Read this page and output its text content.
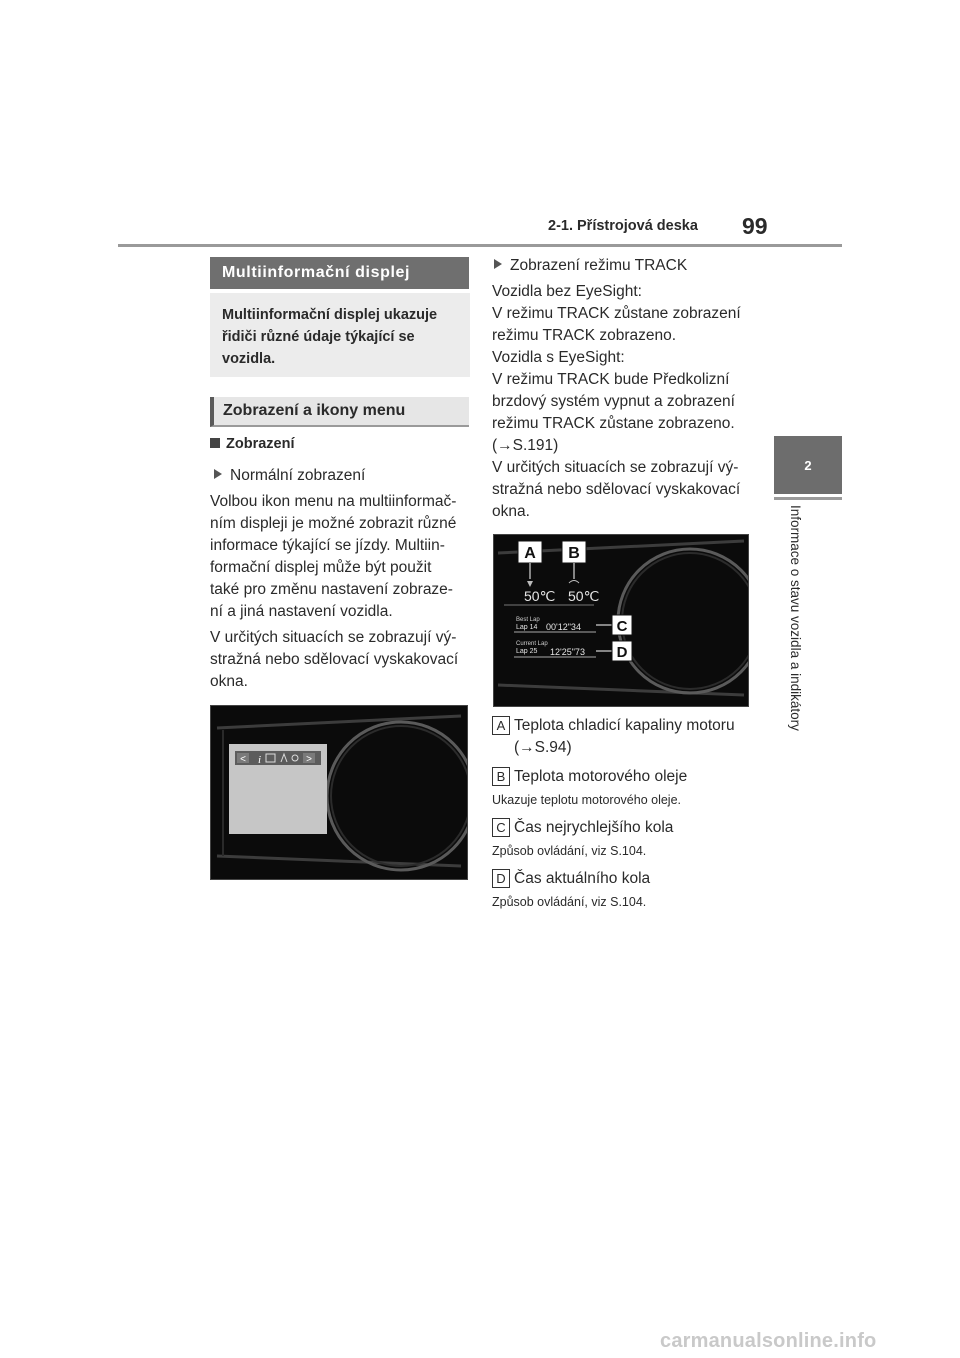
2-1. Přístrojová deska 99
2
Informace o stavu vozidla a indikátory
Multiinformační displej
Multiinformační displej ukazuje řidiči různé údaje týkající se vozidla.
Zobrazení a ikony menu
Zobrazení
Normální zobrazení
Volbou ikon menu na multiinformač-
ním displeji je možné zobrazit různé
informace týkající se jízdy. Multiin-
formační displej může být použit
také pro změnu nastavení zobraze-
ní a jiná nastavení vozidla.
V určitých situacích se zobrazují vý-
stražná nebo sdělovací vyskakovací
okna.
< i	>
Zobrazení režimu TRACK
Vozidla bez EyeSight:
V režimu TRACK zůstane zobrazení
režimu TRACK zobrazeno.
Vozidla s EyeSight:
V režimu TRACK bude Předkolizní
brzdový systém vypnut a zobrazení
režimu TRACK zůstane zobrazeno.
(→S.191)
V určitých situacích se zobrazují vý-
stražná nebo sdělovací vyskakovací
okna.
A B
50℃ 50℃
Best Lap
Lap 14 00'12"34 C
Current Lap
Lap 25 12'25"73 D
A Teplota chladicí kapaliny motoru
(→S.94)
B Teplota motorového oleje
Ukazuje teplotu motorového oleje.
C Čas nejrychlejšího kola
Způsob ovládání, viz S.104.
D Čas aktuálního kola
Způsob ovládání, viz S.104.
carmanualsonline.info
